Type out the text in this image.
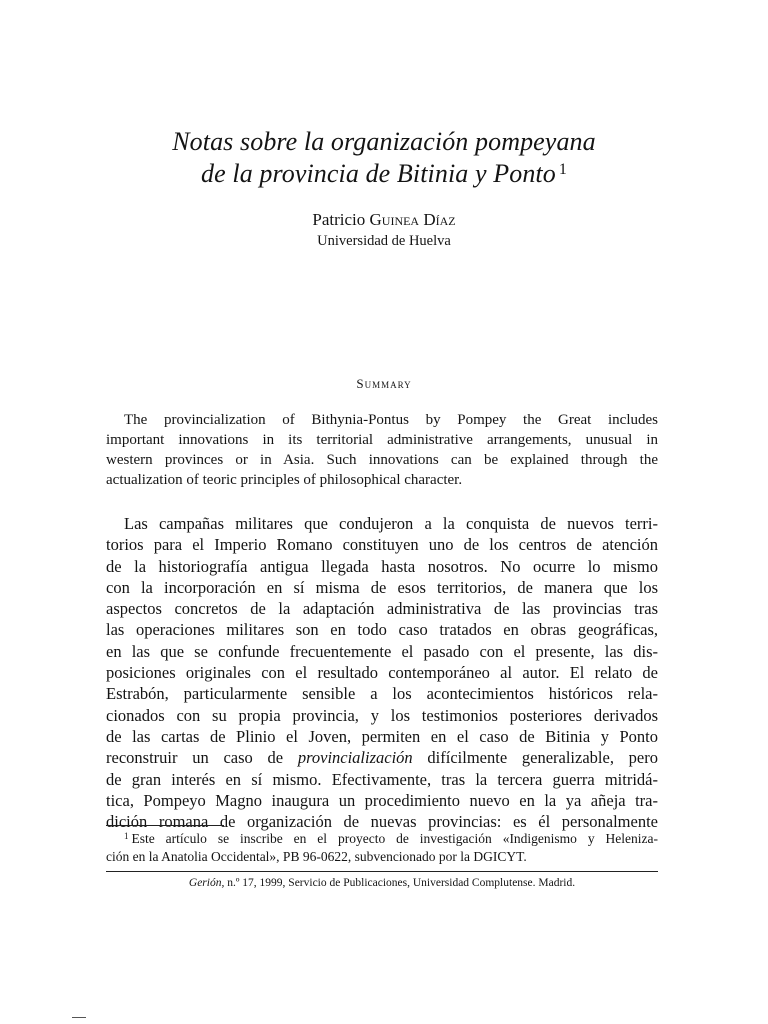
Notas sobre la organización pompeyana
de la provincia de Bitinia y Ponto $^1$
Patricio Guinea Díaz
Universidad de Huelva
Summary
The provincialization of Bithynia-Pontus by Pompey the Great includes
important innovations in its territorial administrative arrangements, unusual in
western provinces or in Asia. Such innovations can be explained through the
actualization of teoric principles of philosophical character.
Las campañas militares que condujeron a la conquista de nuevos terri-
torios para el Imperio Romano constituyen uno de los centros de atención
de la historiografía antigua llegada hasta nosotros. No ocurre lo mismo
con la incorporación en sí misma de esos territorios, de manera que los
aspectos concretos de la adaptación administrativa de las provincias tras
las operaciones militares son en todo caso tratados en obras geográficas,
en las que se confunde frecuentemente el pasado con el presente, las dis-
posiciones originales con el resultado contemporáneo al autor. El relato de
Estrabón, particularmente sensible a los acontecimientos históricos rela-
cionados con su propia provincia, y los testimonios posteriores derivados
de las cartas de Plinio el Joven, permiten en el caso de Bitinia y Ponto
reconstruir un caso de provincialización difícilmente generalizable, pero
de gran interés en sí mismo. Efectivamente, tras la tercera guerra mitridá-
tica, Pompeyo Magno inaugura un procedimiento nuevo en la ya añeja tra-
dición romana de organización de nuevas provincias: es él personalmente
$^1$ Este artículo se inscribe en el proyecto de investigación «Indigenismo y Heleniza-
ción en la Anatolia Occidental», PB 96-0622, subvencionado por la DGICYT.
Gerión, n.º 17, 1999, Servicio de Publicaciones, Universidad Complutense. Madrid.
